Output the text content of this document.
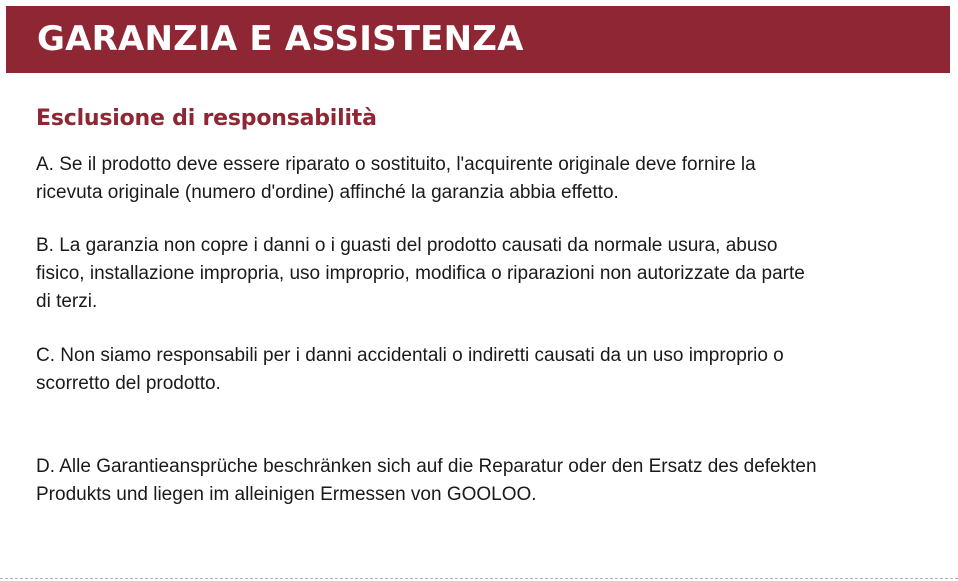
GARANZIA E ASSISTENZA
Esclusione di responsabilità

A. Se il prodotto deve essere riparato o sostituito, l'acquirente originale deve fornire la
ricevuta originale (numero d'ordine) affinché la garanzia abbia effetto.

B. La garanzia non copre i danni o i guasti del prodotto causati da normale usura, abuso
fisico, installazione impropria, uso improprio, modifica o riparazioni non autorizzate da parte
di terzi.

C. Non siamo responsabili per i danni accidentali o indiretti causati da un uso improprio o
scorretto del prodotto.

D. Alle Garantieansprüche beschränken sich auf die Reparatur oder den Ersatz des defekten
Produkts und liegen im alleinigen Ermessen von GOOLOO.
